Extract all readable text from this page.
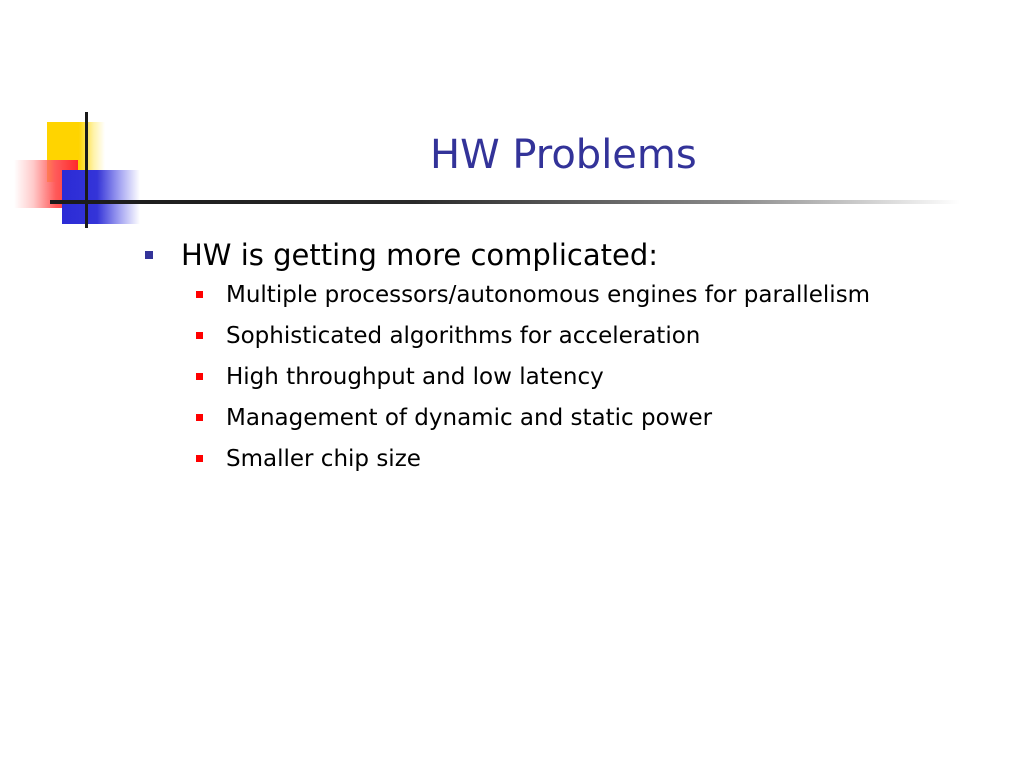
HW Problems
HW is getting more complicated:
Multiple processors/autonomous engines for parallelism
Sophisticated algorithms for acceleration
High throughput and low latency
Management of dynamic and static power
Smaller chip size
